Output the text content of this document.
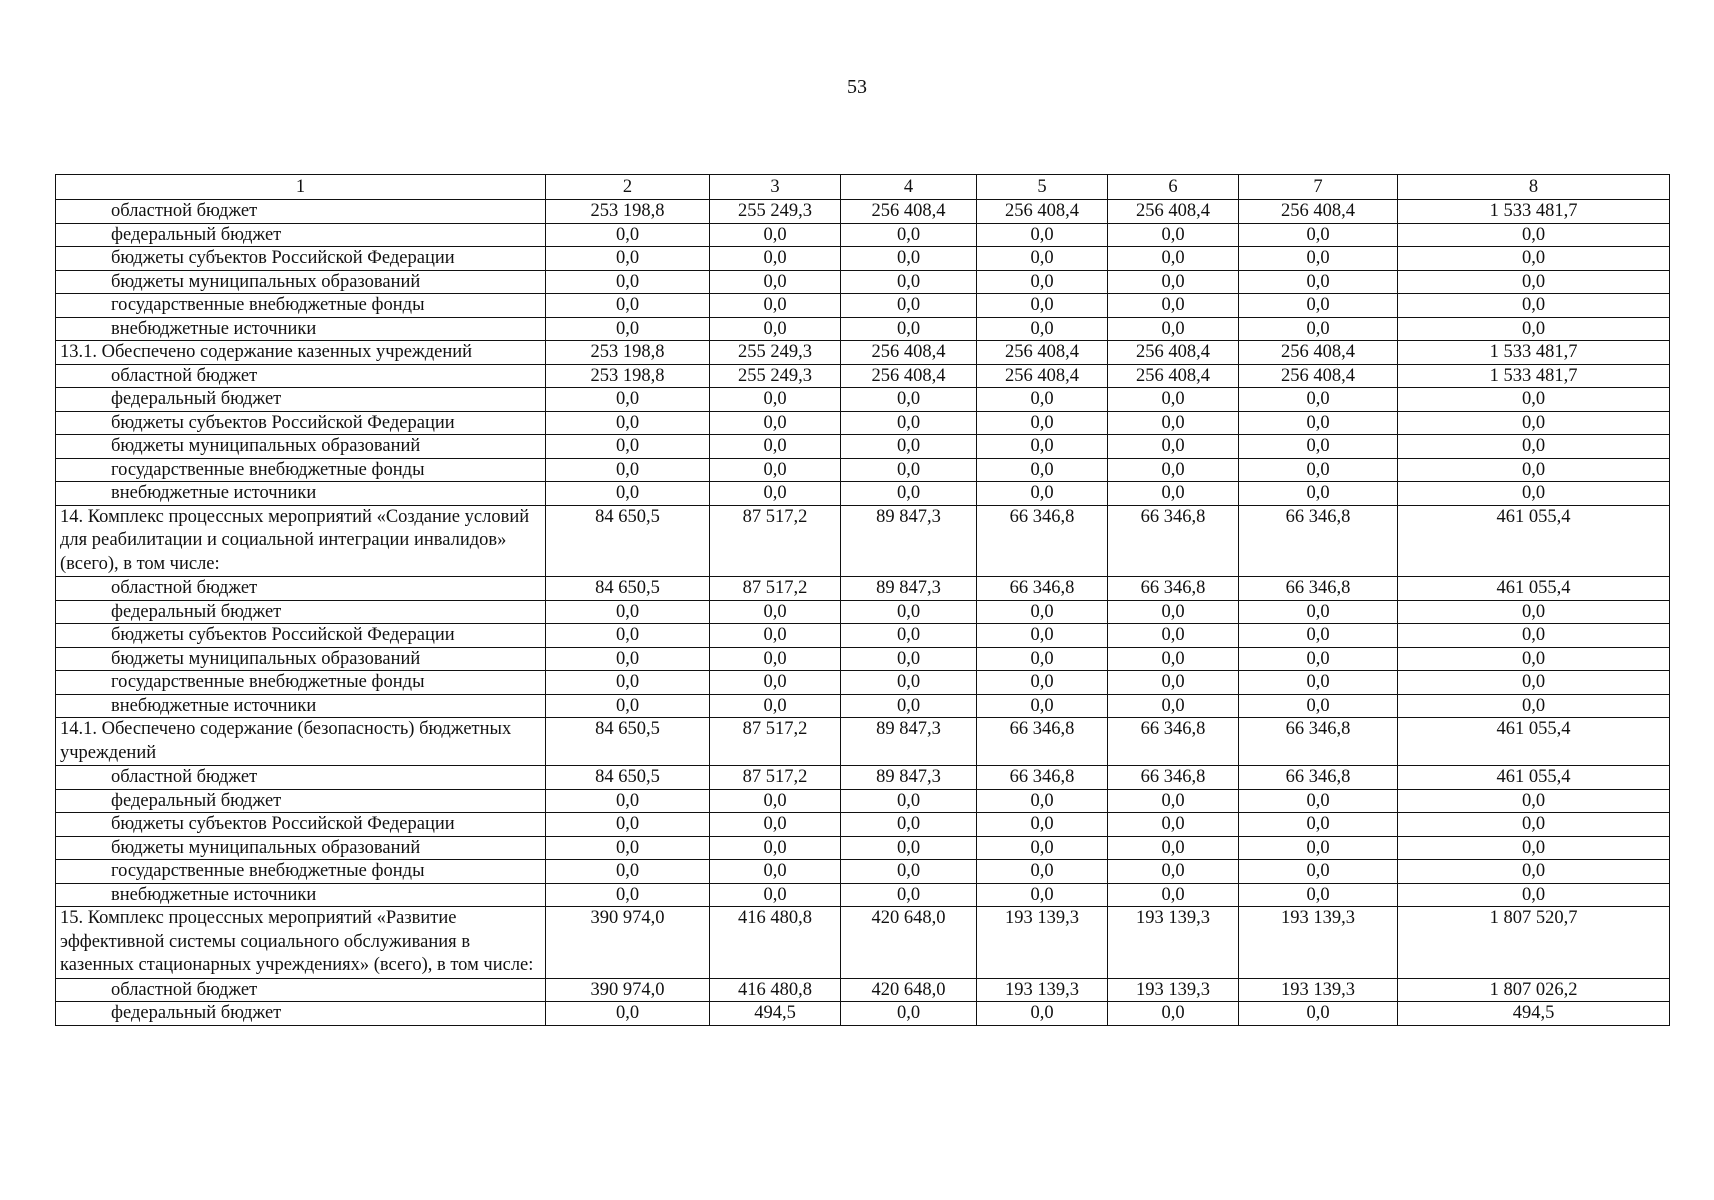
53
1	2	3	4	5	6	7	8
областной бюджет	253 198,8	255 249,3	256 408,4	256 408,4	256 408,4	256 408,4	1 533 481,7
федеральный бюджет	0,0	0,0	0,0	0,0	0,0	0,0	0,0
бюджеты субъектов Российской Федерации	0,0	0,0	0,0	0,0	0,0	0,0	0,0
бюджеты муниципальных образований	0,0	0,0	0,0	0,0	0,0	0,0	0,0
государственные внебюджетные фонды	0,0	0,0	0,0	0,0	0,0	0,0	0,0
внебюджетные источники	0,0	0,0	0,0	0,0	0,0	0,0	0,0
13.1. Обеспечено содержание казенных учреждений	253 198,8	255 249,3	256 408,4	256 408,4	256 408,4	256 408,4	1 533 481,7
областной бюджет	253 198,8	255 249,3	256 408,4	256 408,4	256 408,4	256 408,4	1 533 481,7
федеральный бюджет	0,0	0,0	0,0	0,0	0,0	0,0	0,0
бюджеты субъектов Российской Федерации	0,0	0,0	0,0	0,0	0,0	0,0	0,0
бюджеты муниципальных образований	0,0	0,0	0,0	0,0	0,0	0,0	0,0
государственные внебюджетные фонды	0,0	0,0	0,0	0,0	0,0	0,0	0,0
внебюджетные источники	0,0	0,0	0,0	0,0	0,0	0,0	0,0
14. Комплекс процессных мероприятий «Создание условий для реабилитации и социальной интеграции инвалидов» (всего), в том числе:	84 650,5	87 517,2	89 847,3	66 346,8	66 346,8	66 346,8	461 055,4
областной бюджет	84 650,5	87 517,2	89 847,3	66 346,8	66 346,8	66 346,8	461 055,4
федеральный бюджет	0,0	0,0	0,0	0,0	0,0	0,0	0,0
бюджеты субъектов Российской Федерации	0,0	0,0	0,0	0,0	0,0	0,0	0,0
бюджеты муниципальных образований	0,0	0,0	0,0	0,0	0,0	0,0	0,0
государственные внебюджетные фонды	0,0	0,0	0,0	0,0	0,0	0,0	0,0
внебюджетные источники	0,0	0,0	0,0	0,0	0,0	0,0	0,0
14.1. Обеспечено содержание (безопасность) бюджетных учреждений	84 650,5	87 517,2	89 847,3	66 346,8	66 346,8	66 346,8	461 055,4
областной бюджет	84 650,5	87 517,2	89 847,3	66 346,8	66 346,8	66 346,8	461 055,4
федеральный бюджет	0,0	0,0	0,0	0,0	0,0	0,0	0,0
бюджеты субъектов Российской Федерации	0,0	0,0	0,0	0,0	0,0	0,0	0,0
бюджеты муниципальных образований	0,0	0,0	0,0	0,0	0,0	0,0	0,0
государственные внебюджетные фонды	0,0	0,0	0,0	0,0	0,0	0,0	0,0
внебюджетные источники	0,0	0,0	0,0	0,0	0,0	0,0	0,0
15. Комплекс процессных мероприятий «Развитие эффективной системы социального обслуживания в казенных стационарных учреждениях» (всего), в том числе:	390 974,0	416 480,8	420 648,0	193 139,3	193 139,3	193 139,3	1 807 520,7
областной бюджет	390 974,0	416 480,8	420 648,0	193 139,3	193 139,3	193 139,3	1 807 026,2
федеральный бюджет	0,0	494,5	0,0	0,0	0,0	0,0	494,5
